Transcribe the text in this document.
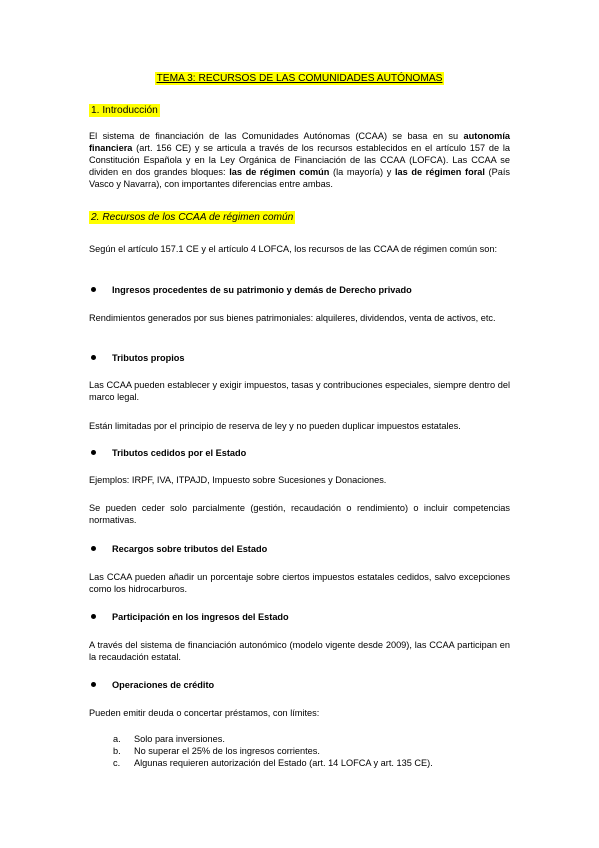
TEMA 3: RECURSOS DE LAS COMUNIDADES AUTÓNOMAS
1. Introducción
El sistema de financiación de las Comunidades Autónomas (CCAA) se basa en su autonomía financiera (art. 156 CE) y se articula a través de los recursos establecidos en el artículo 157 de la Constitución Española y en la Ley Orgánica de Financiación de las CCAA (LOFCA). Las CCAA se dividen en dos grandes bloques: las de régimen común (la mayoría) y las de régimen foral (País Vasco y Navarra), con importantes diferencias entre ambas.
2. Recursos de los CCAA de régimen común
Según el artículo 157.1 CE y el artículo 4 LOFCA, los recursos de las CCAA de régimen común son:
Ingresos procedentes de su patrimonio y demás de Derecho privado
Rendimientos generados por sus bienes patrimoniales: alquileres, dividendos, venta de activos, etc.
Tributos propios
Las CCAA pueden establecer y exigir impuestos, tasas y contribuciones especiales, siempre dentro del marco legal.
Están limitadas por el principio de reserva de ley y no pueden duplicar impuestos estatales.
Tributos cedidos por el Estado
Ejemplos: IRPF, IVA, ITPAJD, Impuesto sobre Sucesiones y Donaciones.
Se pueden ceder solo parcialmente (gestión, recaudación o rendimiento) o incluir competencias normativas.
Recargos sobre tributos del Estado
Las CCAA pueden añadir un porcentaje sobre ciertos impuestos estatales cedidos, salvo excepciones como los hidrocarburos.
Participación en los ingresos del Estado
A través del sistema de financiación autonómico (modelo vigente desde 2009), las CCAA participan en la recaudación estatal.
Operaciones de crédito
Pueden emitir deuda o concertar préstamos, con límites:
a. Solo para inversiones.
b. No superar el 25% de los ingresos corrientes.
c. Algunas requieren autorización del Estado (art. 14 LOFCA y art. 135 CE).
